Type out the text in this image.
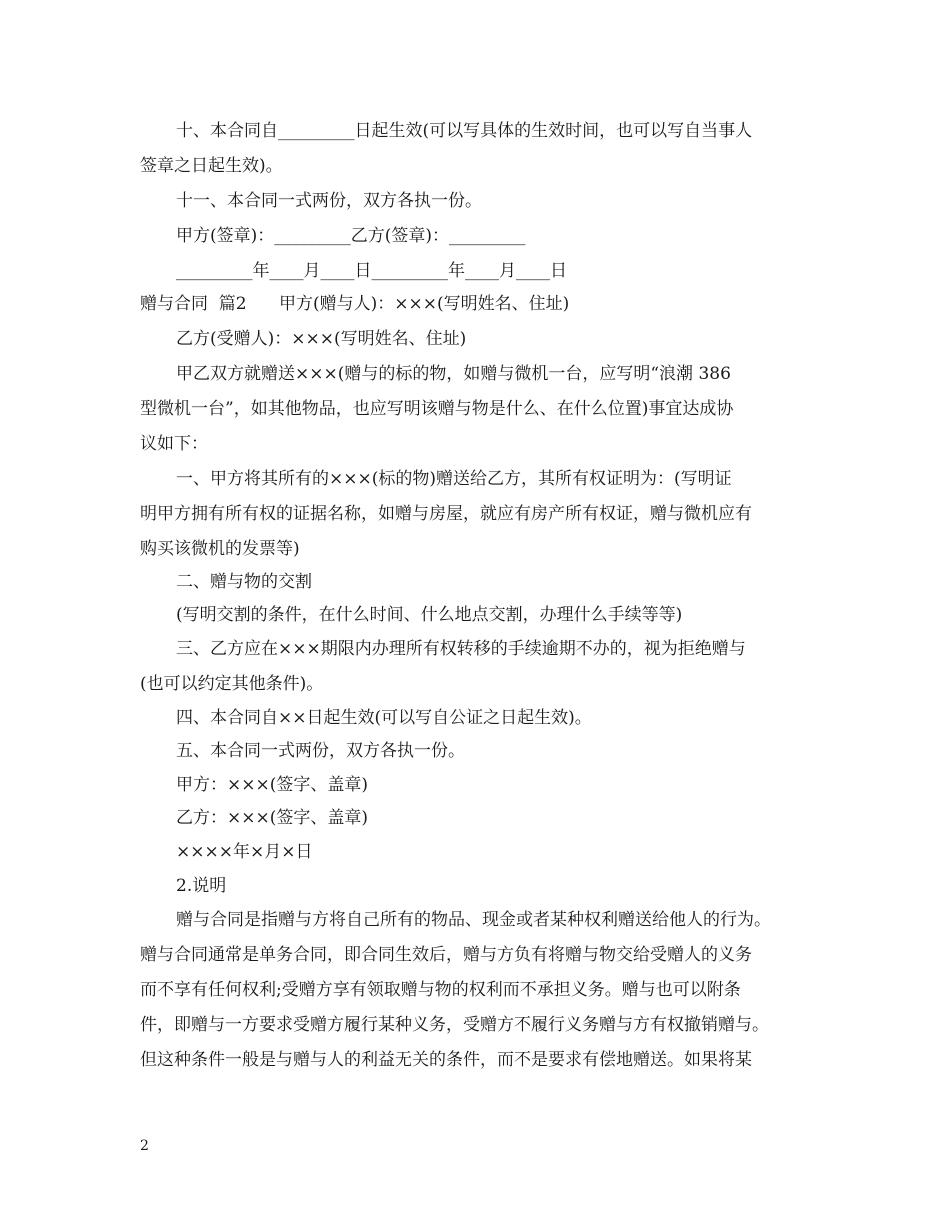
十、本合同自_________日起生效(可以写具体的生效时间，也可以写自当事人
签章之日起生效)。
十一、本合同一式两份，双方各执一份。
甲方(签章)：_________乙方(签章)：_________
_________年____月____日_________年____月____日
赠与合同  篇2      甲方(赠与人)：×××(写明姓名、住址)
乙方(受赠人)：×××(写明姓名、住址)
甲乙双方就赠送×××(赠与的标的物，如赠与微机一台，应写明“浪潮 386
型微机一台”，如其他物品，也应写明该赠与物是什么、在什么位置)事宜达成协
议如下：
一、甲方将其所有的×××(标的物)赠送给乙方，其所有权证明为：(写明证
明甲方拥有所有权的证据名称，如赠与房屋，就应有房产所有权证，赠与微机应有
购买该微机的发票等)
二、赠与物的交割
(写明交割的条件，在什么时间、什么地点交割，办理什么手续等等)
三、乙方应在×××期限内办理所有权转移的手续逾期不办的，视为拒绝赠与
(也可以约定其他条件)。
四、本合同自××日起生效(可以写自公证之日起生效)。
五、本合同一式两份，双方各执一份。
甲方：×××(签字、盖章)
乙方：×××(签字、盖章)
××××年×月×日
2.说明
赠与合同是指赠与方将自己所有的物品、现金或者某种权利赠送给他人的行为。
赠与合同通常是单务合同，即合同生效后，赠与方负有将赠与物交给受赠人的义务
而不享有任何权利;受赠方享有领取赠与物的权利而不承担义务。赠与也可以附条
件，即赠与一方要求受赠方履行某种义务，受赠方不履行义务赠与方有权撤销赠与。
但这种条件一般是与赠与人的利益无关的条件，而不是要求有偿地赠送。如果将某
2
